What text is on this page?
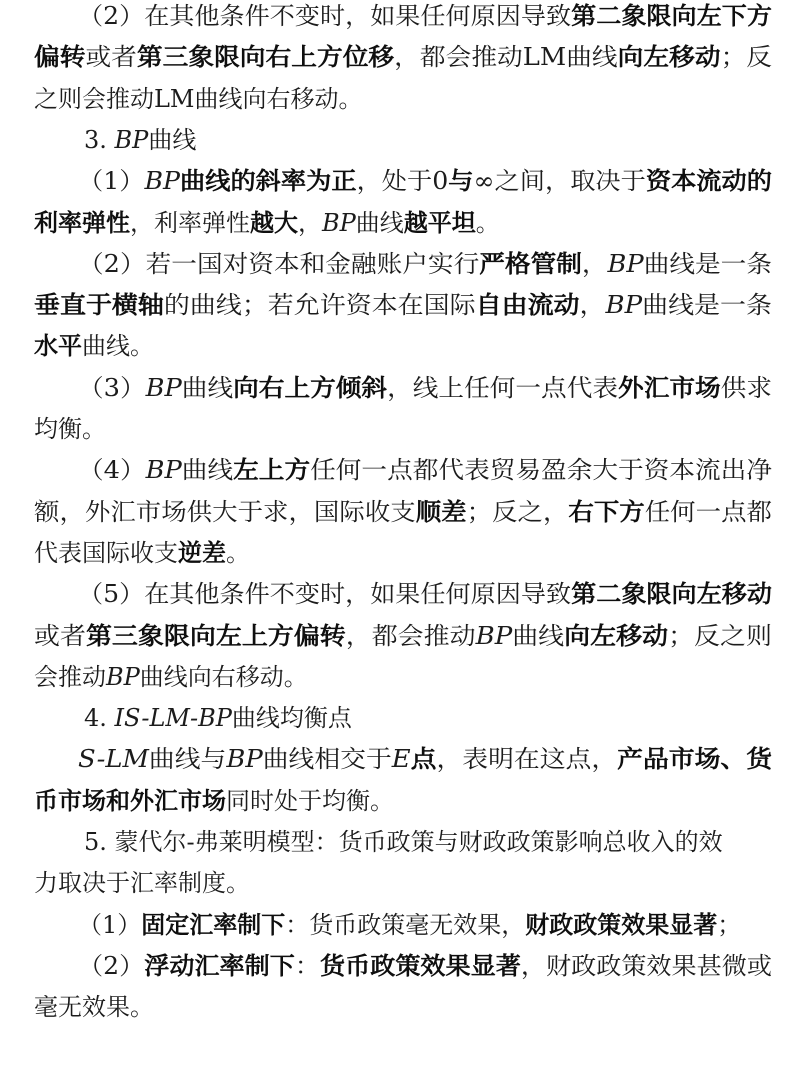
（2）在其他条件不变时，如果任何原因导致第二象限向左下方
偏转或者第三象限向右上方位移，都会推动LM曲线向左移动；反
之则会推动LM曲线向右移动。
3. BP曲线
（1）BP曲线的斜率为正，处于0与∞之间，取决于资本流动的
利率弹性，利率弹性越大，BP曲线越平坦。
（2）若一国对资本和金融账户实行严格管制，BP曲线是一条
垂直于横轴的曲线；若允许资本在国际自由流动，BP曲线是一条
水平曲线。
（3）BP曲线向右上方倾斜，线上任何一点代表外汇市场供求
均衡。
（4）BP曲线左上方任何一点都代表贸易盈余大于资本流出净
额，外汇市场供大于求，国际收支顺差；反之，右下方任何一点都
代表国际收支逆差。
（5）在其他条件不变时，如果任何原因导致第二象限向左移动
或者第三象限向左上方偏转，都会推动BP曲线向左移动；反之则
会推动BP曲线向右移动。
4. IS-LM-BP曲线均衡点
S-LM曲线与BP曲线相交于E点，表明在这点，产品市场、货
币市场和外汇市场同时处于均衡。
5. 蒙代尔-弗莱明模型：货币政策与财政政策影响总收入的效
力取决于汇率制度。
（1）固定汇率制下：货币政策毫无效果，财政政策效果显著；
（2）浮动汇率制下：货币政策效果显著，财政政策效果甚微或
毫无效果。
